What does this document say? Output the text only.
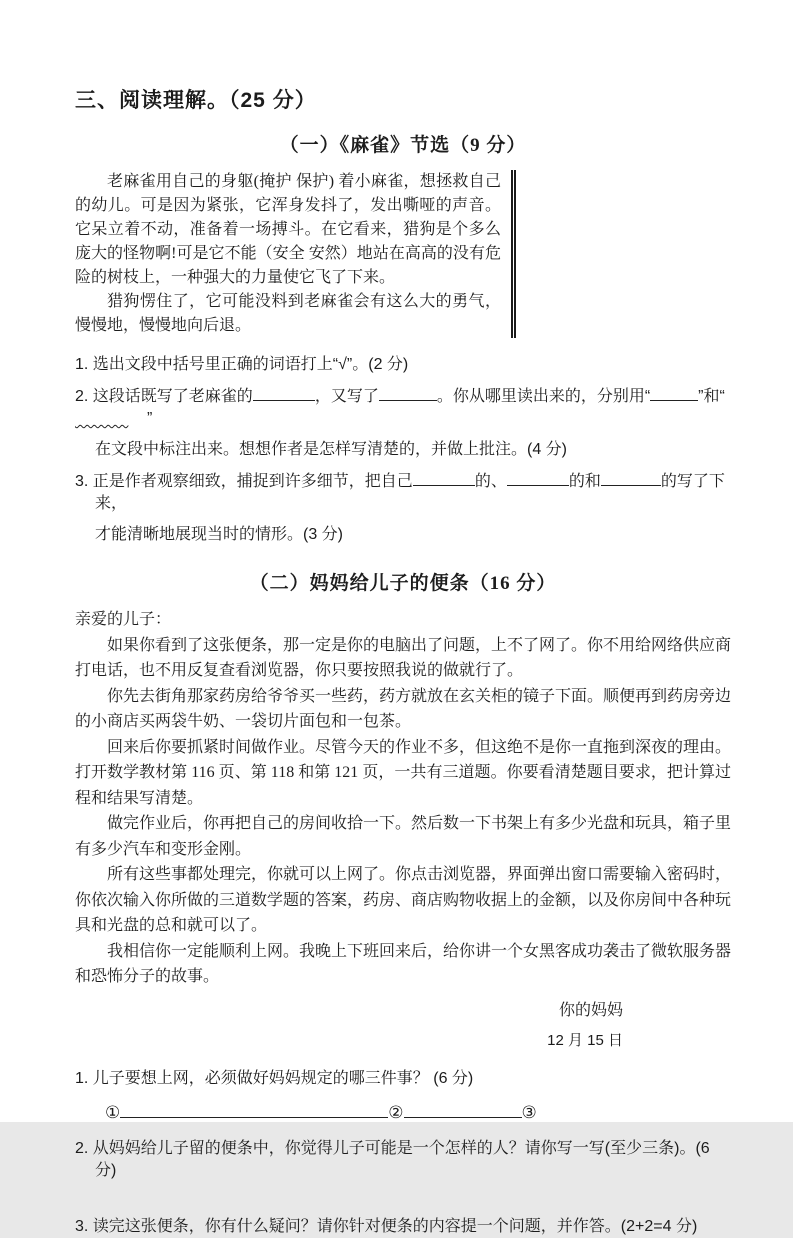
三、阅读理解。（25 分）
（一）《麻雀》节选（9 分）

老麻雀用自己的身躯(掩护 保护) 着小麻雀，想拯救自己的幼儿。可是因为紧张，它浑身发抖了，发出嘶哑的声音。它呆立着不动，准备着一场搏斗。在它看来，猎狗是个多么庞大的怪物啊!可是它不能（安全 安然）地站在高高的没有危险的树枝上，一种强大的力量使它飞了下来。

猎狗愣住了，它可能没料到老麻雀会有这么大的勇气，慢慢地，慢慢地向后退。

1. 选出文段中括号里正确的词语打上“√”。(2 分)
2. 这段话既写了老麻雀的	，又写了	。你从哪里读出来的，分别用“	”和“            ”
在文段中标注出来。想想作者是怎样写清楚的，并做上批注。(4 分)
3. 正是作者观察细致，捕捉到许多细节，把自己	的、	的和	的写了下来，
才能清晰地展现当时的情形。(3 分)
（二）妈妈给儿子的便条（16 分）

亲爱的儿子：

如果你看到了这张便条，那一定是你的电脑出了问题，上不了网了。你不用给网络供应商打电话，也不用反复查看浏览器，你只要按照我说的做就行了。

你先去街角那家药房给爷爷买一些药，药方就放在玄关柜的镜子下面。顺便再到药房旁边的小商店买两袋牛奶、一袋切片面包和一包茶。

回来后你要抓紧时间做作业。尽管今天的作业不多，但这绝不是你一直拖到深夜的理由。打开数学教材第 116 页、第 118 和第 121 页，一共有三道题。你要看清楚题目要求，把计算过程和结果写清楚。

做完作业后，你再把自己的房间收拾一下。然后数一下书架上有多少光盘和玩具，箱子里有多少汽车和变形金刚。

所有这些事都处理完，你就可以上网了。你点击浏览器，界面弹出窗口需要输入密码时，你依次输入你所做的三道数学题的答案，药房、商店购物收据上的金额，以及你房间中各种玩具和光盘的总和就可以了。

我相信你一定能顺利上网。我晚上下班回来后，给你讲一个女黑客成功袭击了微软服务器和恐怖分子的故事。

你的妈妈
12 月 15 日
1. 儿子要想上网，必须做好妈妈规定的哪三件事？ (6 分)
①	②	③
2. 从妈妈给儿子留的便条中，你觉得儿子可能是一个怎样的人？请你写一写(至少三条)。(6 分)
3. 读完这张便条，你有什么疑问？请你针对便条的内容提一个问题，并作答。(2+2=4 分)
